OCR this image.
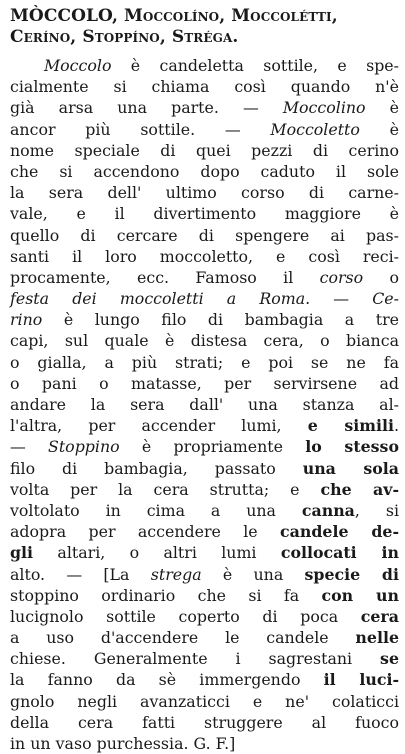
MÒCCOLO, Moccolíno, Moccolétti,
Ceríno, Stoppíno, Stréga.
Moccolo è candeletta sottile, e spe-
cialmente si chiama così quando n'è
già arsa una parte. — Moccolino è
ancor più sottile. — Moccoletto è
nome speciale di quei pezzi di cerino
che si accendono dopo caduto il sole
la sera dell' ultimo corso di carne-
vale, e il divertimento maggiore è
quello di cercare di spengere ai pas-
santi il loro moccoletto, e così reci-
procamente, ecc. Famoso il corso o
festa dei moccoletti a Roma. — Ce-
rino è lungo filo di bambagia a tre
capi, sul quale è distesa cera, o bianca
o gialla, a più strati; e poi se ne fa
o pani o matasse, per servirsene ad
andare la sera dall' una stanza al-
l'altra, per accender lumi, e simili.
— Stoppino è propriamente lo stesso
filo di bambagia, passato una sola
volta per la cera strutta; e che av-
voltolato in cima a una canna, si
adopra per accendere le candele de-
gli altari, o altri lumi collocati in
alto. — [La strega è una specie di
stoppino ordinario che si fa con un
lucignolo sottile coperto di poca cera
a uso d'accendere le candele nelle
chiese. Generalmente i sagrestani se
la fanno da sè immergendo il luci-
gnolo negli avanzaticci e ne' colaticci
della cera fatti struggere al fuoco
in un vaso purchessia. G. F.]
